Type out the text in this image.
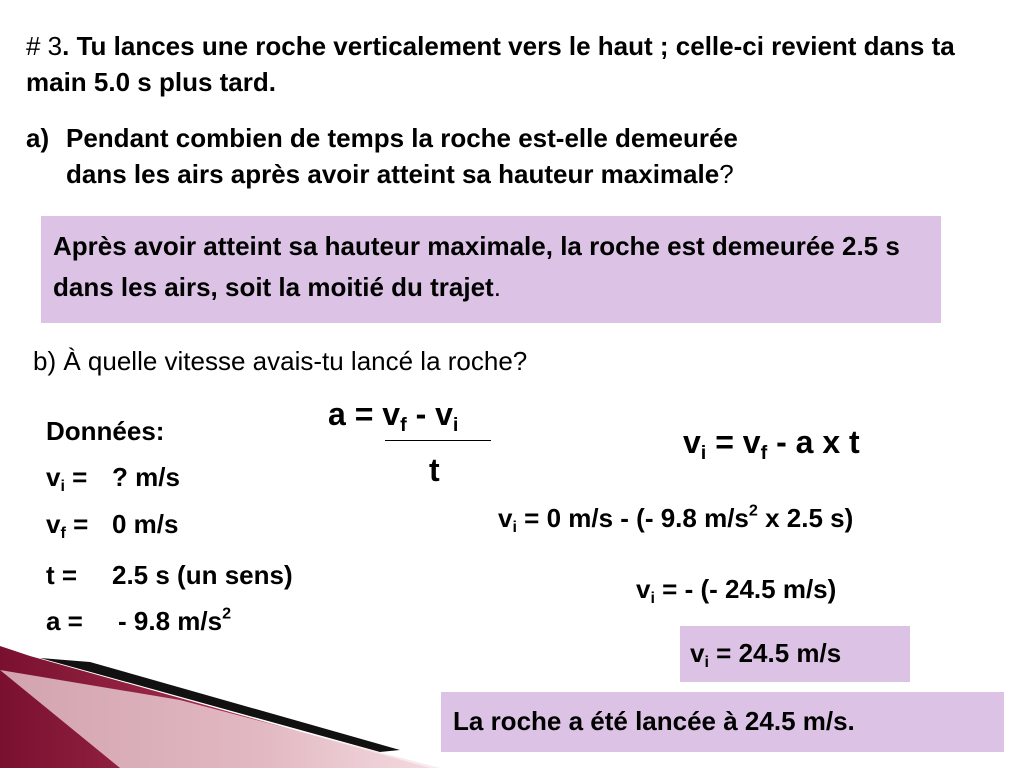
# 3. Tu lances une roche verticalement vers le haut ; celle-ci revient dans ta main 5.0 s plus tard.
a) Pendant combien de temps la roche est-elle demeurée
dans les airs après avoir atteint sa hauteur maximale?
Après avoir atteint sa hauteur maximale, la roche est demeurée 2.5 s dans les airs, soit la moitié du trajet.
b) À quelle vitesse avais-tu lancé la roche?
Données:
$v_i$ = ? m/s
$v_f = 0$ m/s
t = 2.5 s (un sens)
a = - 9.8 $m/s^2$
$a = v_f - v_i$
t
$v_i = v_f - a$ x t
$v_i = 0$ m/s - (- 9.8 $m/s^2$ x 2.5 s)
$v_i$ = - (- 24.5 m/s)
$v_i = 24.5$ m/s
La roche a été lancée à 24.5 m/s.
